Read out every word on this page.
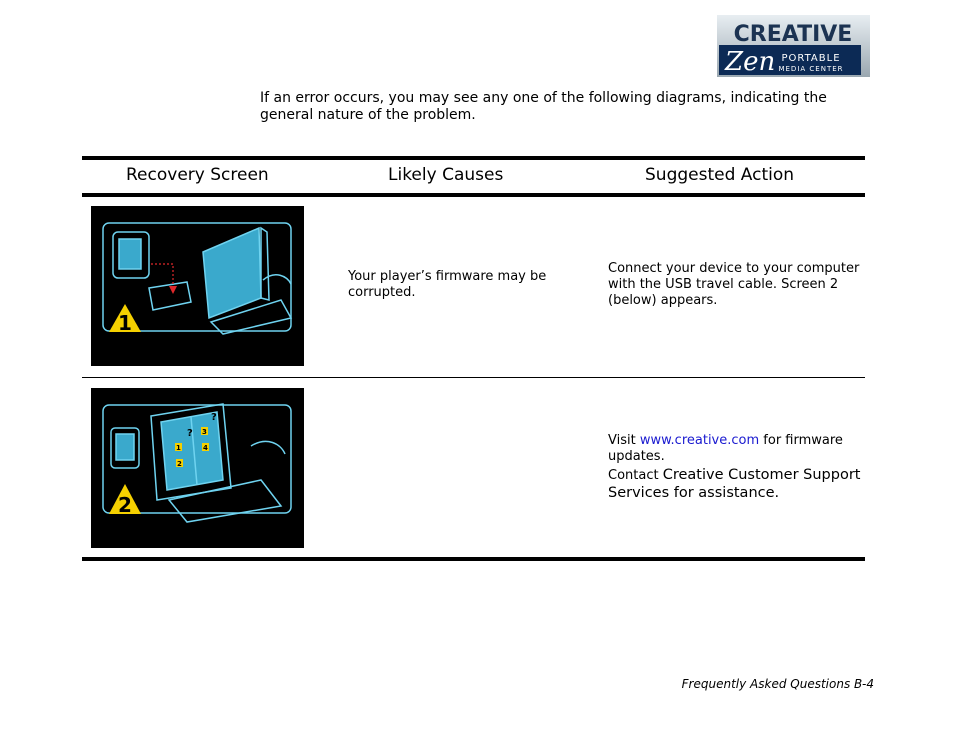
CREATIVE
Zen PORTABLE
MEDIA CENTER
If an error occurs, you may see any one of the following diagrams, indicating the general nature of the problem.
Recovery Screen	Likely Causes	Suggested Action
1
Your player’s firmware may be corrupted.
Connect your device to your computer with the USB travel cable. Screen 2 (below) appears.
?
?
1
2
3
4
2
Visit www.creative.com for firmware updates.
Contact Creative Customer Support Services for assistance.
Frequently Asked Questions B-4
